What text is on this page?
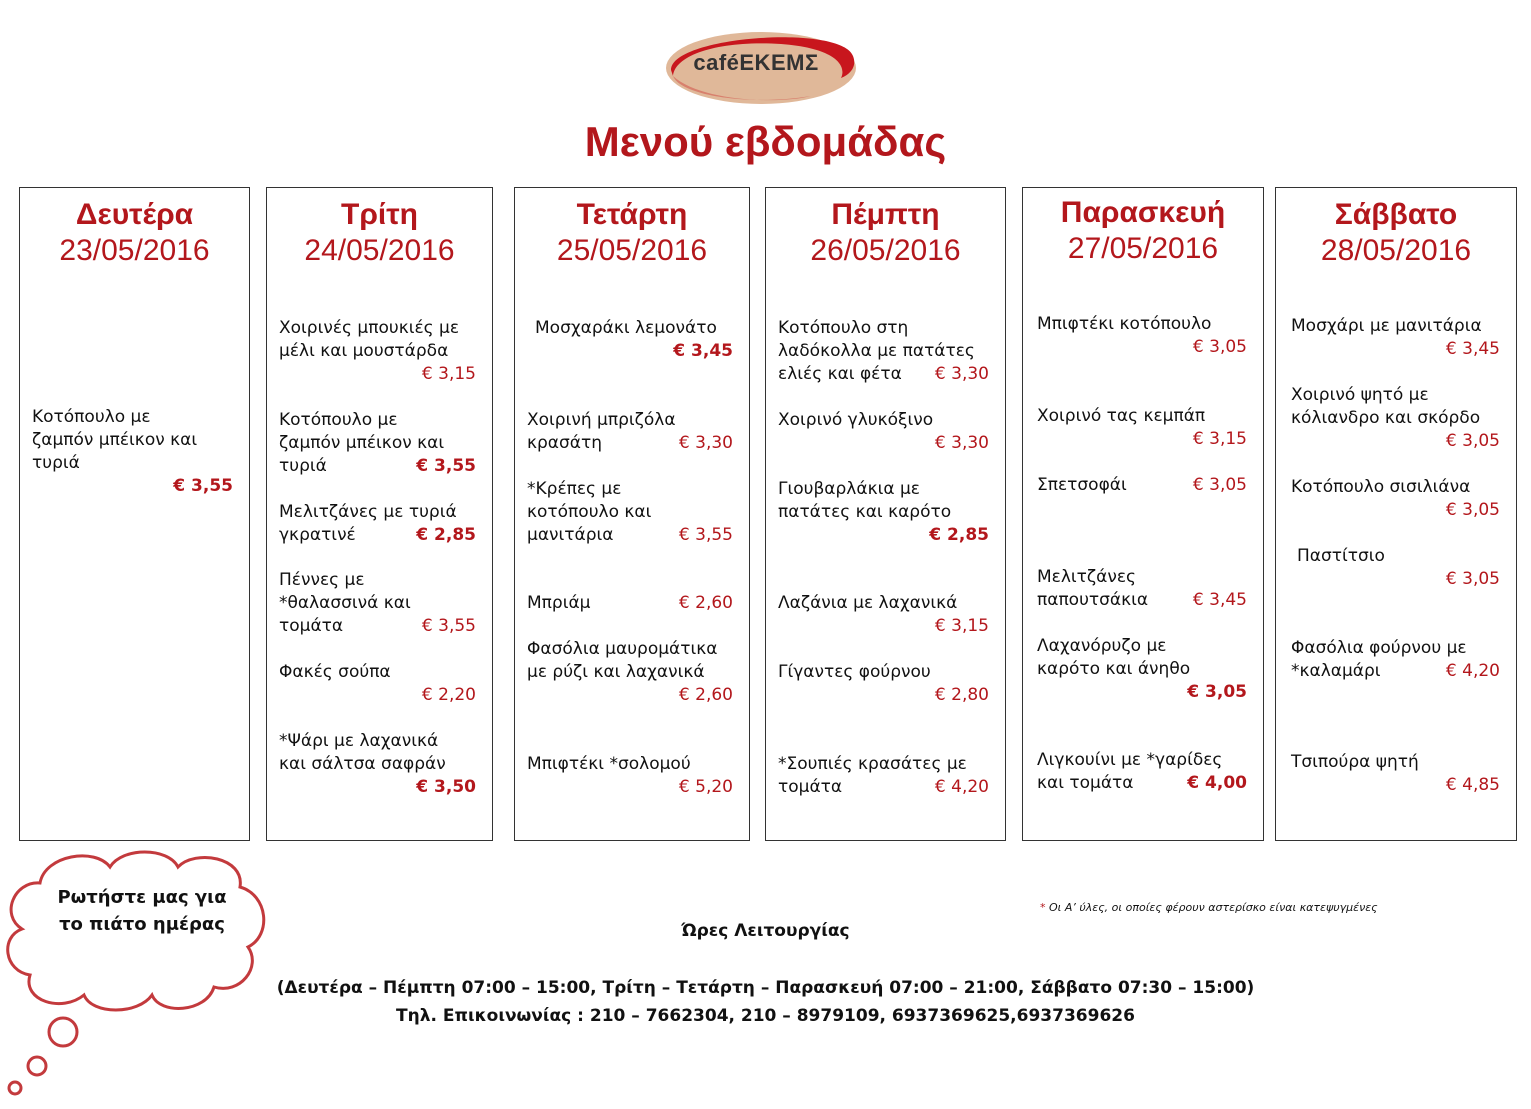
caféΕΚΕΜΣ
Μενού εβδομάδας
Δευτέρα
23/05/2016
Κοτόπουλο με ζαμπόν μπέικον και τυριά
€ 3,55
Τρίτη
24/05/2016
Χοιρινές μπουκιές με μέλι και μουστάρδα
€ 3,15
Κοτόπουλο με ζαμπόν μπέικον και τυριά	€ 3,55
Μελιτζάνες με τυριά γκρατινέ	€ 2,85
Πέννες με *θαλασσινά και τομάτα	€ 3,55
Φακές σούπα
€ 2,20
*Ψάρι με λαχανικά και σάλτσα σαφράν
€ 3,50
Τετάρτη
25/05/2016
Μοσχαράκι λεμονάτο
€ 3,45
Χοιρινή μπριζόλα κρασάτη	€ 3,30
*Κρέπες με κοτόπουλο και μανιτάρια	€ 3,55
Μπριάμ	€ 2,60
Φασόλια μαυρομάτικα με ρύζι και λαχανικά
€ 2,60
Μπιφτέκι *σολομού
€ 5,20
Πέμπτη
26/05/2016
Κοτόπουλο στη λαδόκολλα με πατάτες ελιές και φέτα	€ 3,30
Χοιρινό γλυκόξινο
€ 3,30
Γιουβαρλάκια με πατάτες και καρότο
€ 2,85
Λαζάνια με λαχανικά
€ 3,15
Γίγαντες φούρνου
€ 2,80
*Σουπιές κρασάτες με τομάτα	€ 4,20
Παρασκευή
27/05/2016
Μπιφτέκι κοτόπουλο
€ 3,05
Χοιρινό τας κεμπάπ
€ 3,15
Σπετσοφάι	€ 3,05
Μελιτζάνες παπουτσάκια	€ 3,45
Λαχανόρυζο με καρότο και άνηθο
€ 3,05
Λιγκουίνι με *γαρίδες και τομάτα	€ 4,00
Σάββατο
28/05/2016
Μοσχάρι με μανιτάρια
€ 3,45
Χοιρινό ψητό με κόλιανδρο και σκόρδο
€ 3,05
Κοτόπουλο σισιλιάνα
€ 3,05
Παστίτσιο
€ 3,05
Φασόλια φούρνου με *καλαμάρι	€ 4,20
Τσιπούρα ψητή
€ 4,85
Ρωτήστε μας για το πιάτο ημέρας
* Οι Α’ ύλες, οι οποίες φέρουν αστερίσκο είναι κατεψυγμένες
Ώρες Λειτουργίας
(Δευτέρα – Πέμπτη 07:00 – 15:00, Τρίτη – Τετάρτη – Παρασκευή 07:00 – 21:00, Σάββατο 07:30 – 15:00)
Τηλ. Επικοινωνίας : 210 – 7662304, 210 – 8979109, 6937369625,6937369626
